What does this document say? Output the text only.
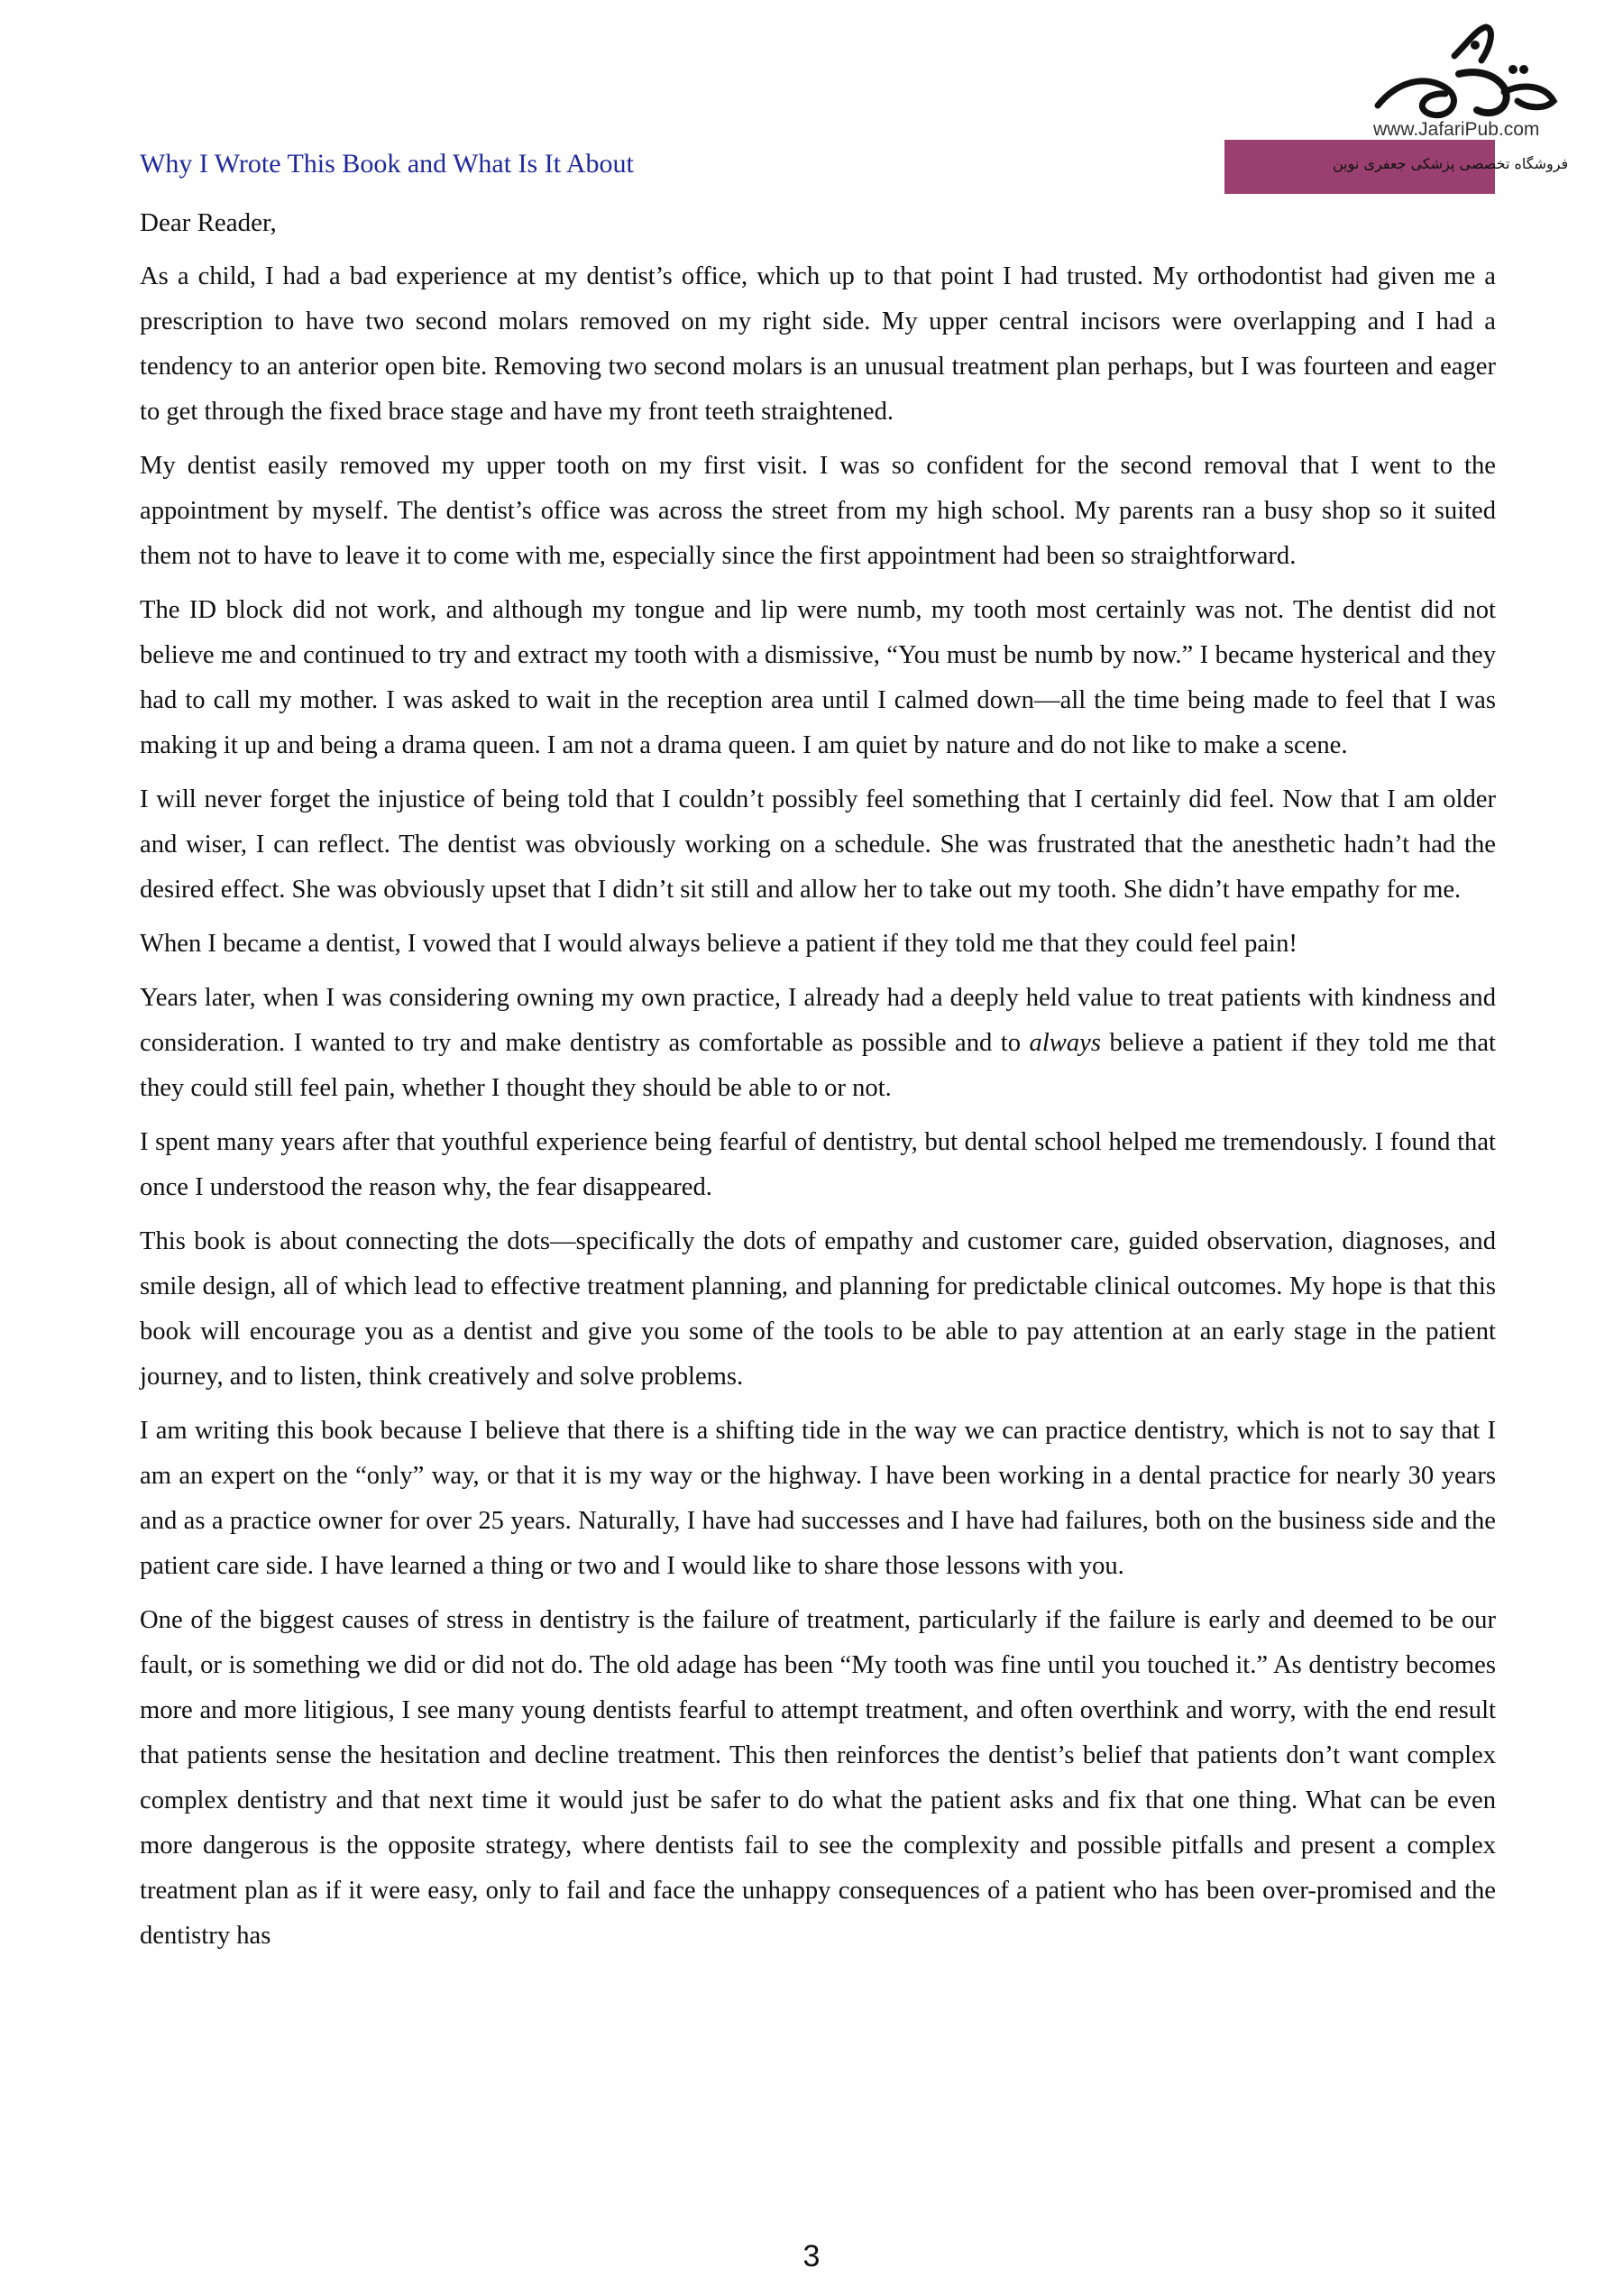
Why I Wrote This Book and What Is It About
www.JafariPub.com
فروشگاه تخصصی پزشکی جعفری نوین
Dear Reader,

As a child, I had a bad experience at my dentist’s office, which up to that point I had trusted. My orthodontist had given me a prescription to have two second molars removed on my right side. My upper central incisors were overlapping and I had a tendency to an anterior open bite. Removing two second molars is an unusual treatment plan perhaps, but I was fourteen and eager to get through the fixed brace stage and have my front teeth straightened.

My dentist easily removed my upper tooth on my first visit. I was so confident for the second removal that I went to the appointment by myself. The dentist’s office was across the street from my high school. My parents ran a busy shop so it suited them not to have to leave it to come with me, especially since the first appointment had been so straightforward.

The ID block did not work, and although my tongue and lip were numb, my tooth most certainly was not. The dentist did not believe me and continued to try and extract my tooth with a dismissive, “You must be numb by now.” I became hysterical and they had to call my mother. I was asked to wait in the reception area until I calmed down—all the time being made to feel that I was making it up and being a drama queen. I am not a drama queen. I am quiet by nature and do not like to make a scene.

I will never forget the injustice of being told that I couldn’t possibly feel something that I certainly did feel. Now that I am older and wiser, I can reflect. The dentist was obviously working on a schedule. She was frustrated that the anesthetic hadn’t had the desired effect. She was obviously upset that I didn’t sit still and allow her to take out my tooth. She didn’t have empathy for me.

When I became a dentist, I vowed that I would always believe a patient if they told me that they could feel pain!

Years later, when I was considering owning my own practice, I already had a deeply held value to treat patients with kindness and consideration. I wanted to try and make dentistry as comfortable as possible and to always believe a patient if they told me that they could still feel pain, whether I thought they should be able to or not.

I spent many years after that youthful experience being fearful of dentistry, but dental school helped me tremendously. I found that once I understood the reason why, the fear disappeared.

This book is about connecting the dots—specifically the dots of empathy and customer care, guided observation, diagnoses, and smile design, all of which lead to effective treatment planning, and planning for predictable clinical outcomes. My hope is that this book will encourage you as a dentist and give you some of the tools to be able to pay attention at an early stage in the patient journey, and to listen, think creatively and solve problems.

I am writing this book because I believe that there is a shifting tide in the way we can practice dentistry, which is not to say that I am an expert on the “only” way, or that it is my way or the highway. I have been working in a dental practice for nearly 30 years and as a practice owner for over 25 years. Naturally, I have had successes and I have had failures, both on the business side and the patient care side. I have learned a thing or two and I would like to share those lessons with you.

One of the biggest causes of stress in dentistry is the failure of treatment, particularly if the failure is early and deemed to be our fault, or is something we did or did not do. The old adage has been “My tooth was fine until you touched it.” As dentistry becomes more and more litigious, I see many young dentists fearful to attempt treatment, and often overthink and worry, with the end result that patients sense the hesitation and decline treatment. This then reinforces the dentist’s belief that patients don’t want complex complex dentistry and that next time it would just be safer to do what the patient asks and fix that one thing. What can be even more dangerous is the opposite strategy, where dentists fail to see the complexity and possible pitfalls and present a complex treatment plan as if it were easy, only to fail and face the unhappy consequences of a patient who has been over-promised and the dentistry has

3
